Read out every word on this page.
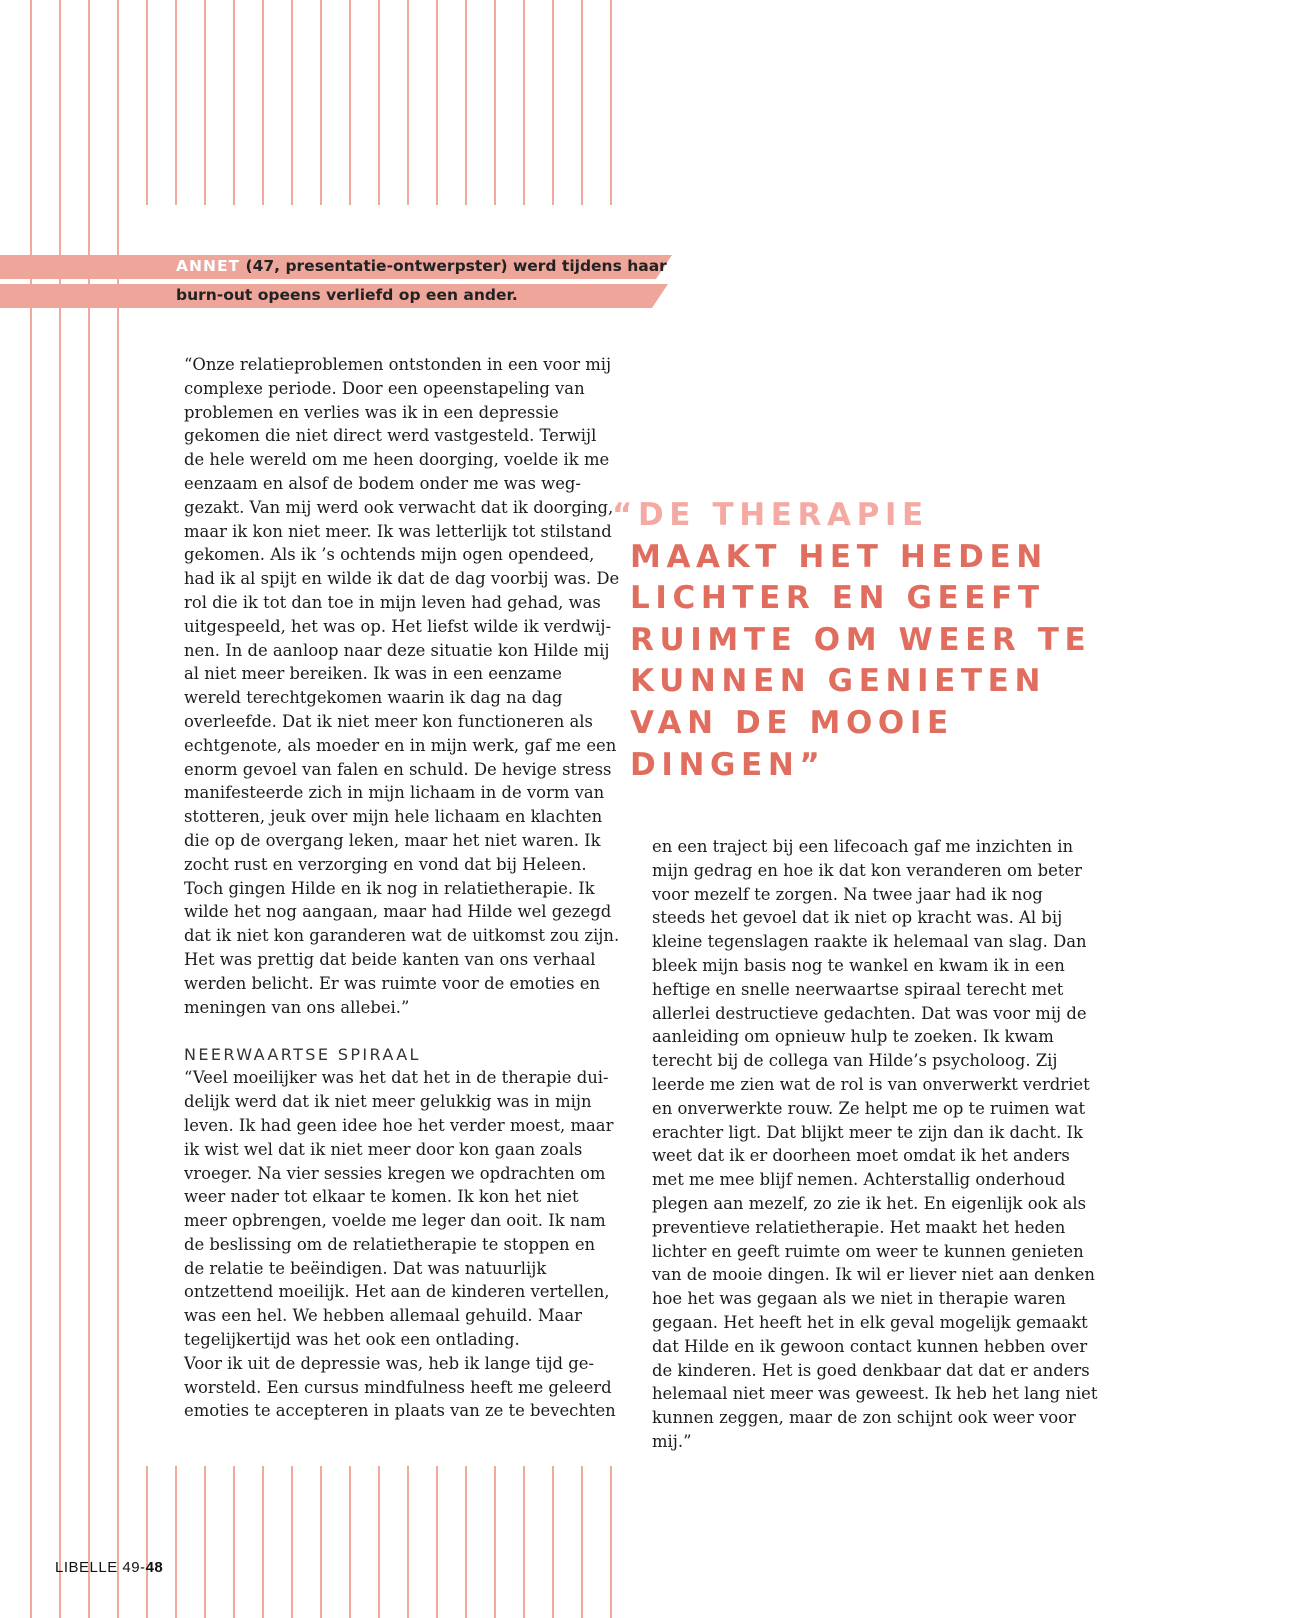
ANNET (47, presentatie-ontwerpster) werd tijdens haar
burn-out opeens verliefd op een ander.

“Onze relatieproblemen ontstonden in een voor mij complexe periode. Door een opeenstapeling van problemen en verlies was ik in een depressie gekomen die niet direct werd vastgesteld. Terwijl de hele wereld om me heen doorging, voelde ik me eenzaam en alsof de bodem onder me was weggezakt. Van mij werd ook verwacht dat ik doorging, maar ik kon niet meer. Ik was letterlijk tot stilstand gekomen. Als ik ’s ochtends mijn ogen opendeed, had ik al spijt en wilde ik dat de dag voorbij was. De rol die ik tot dan toe in mijn leven had gehad, was uitgespeeld, het was op. Het liefst wilde ik verdwijnen. In de aanloop naar deze situatie kon Hilde mij al niet meer bereiken. Ik was in een eenzame wereld terechtgekomen waarin ik dag na dag overleefde. Dat ik niet meer kon functioneren als echtgenote, als moeder en in mijn werk, gaf me een enorm gevoel van falen en schuld. De hevige stress manifesteerde zich in mijn lichaam in de vorm van stotteren, jeuk over mijn hele lichaam en klachten die op de overgang leken, maar het niet waren. Ik zocht rust en verzorging en vond dat bij Heleen. Toch gingen Hilde en ik nog in relatietherapie. Ik wilde het nog aangaan, maar had Hilde wel gezegd dat ik niet kon garanderen wat de uitkomst zou zijn. Het was prettig dat beide kanten van ons verhaal werden belicht. Er was ruimte voor de emoties en meningen van ons allebei.”

NEERWAARTSE SPIRAAL

“Veel moeilijker was het dat het in de therapie duidelijk werd dat ik niet meer gelukkig was in mijn leven. Ik had geen idee hoe het verder moest, maar ik wist wel dat ik niet meer door kon gaan zoals vroeger. Na vier sessies kregen we opdrachten om weer nader tot elkaar te komen. Ik kon het niet meer opbrengen, voelde me leger dan ooit. Ik nam de beslissing om de relatietherapie te stoppen en de relatie te beëindigen. Dat was natuurlijk ontzettend moeilijk. Het aan de kinderen vertellen, was een hel. We hebben allemaal gehuild. Maar tegelijkertijd was het ook een ontlading.

Voor ik uit de depressie was, heb ik lange tijd geworsteld. Een cursus mindfulness heeft me geleerd emoties te accepteren in plaats van ze te bevechten

“DE THERAPIE
MAAKT HET HEDEN LICHTER EN GEEFT RUIMTE OM WEER TE KUNNEN GENIETEN VAN DE MOOIE DINGEN”

en een traject bij een lifecoach gaf me inzichten in mijn gedrag en hoe ik dat kon veranderen om beter voor mezelf te zorgen. Na twee jaar had ik nog steeds het gevoel dat ik niet op kracht was. Al bij kleine tegenslagen raakte ik helemaal van slag. Dan bleek mijn basis nog te wankel en kwam ik in een heftige en snelle neerwaartse spiraal terecht met allerlei destructieve gedachten. Dat was voor mij de aanleiding om opnieuw hulp te zoeken. Ik kwam terecht bij de collega van Hilde’s psycholoog. Zij leerde me zien wat de rol is van onverwerkt verdriet en onverwerkte rouw. Ze helpt me op te ruimen wat erachter ligt. Dat blijkt meer te zijn dan ik dacht. Ik weet dat ik er doorheen moet omdat ik het anders met me mee blijf nemen. Achterstallig onderhoud plegen aan mezelf, zo zie ik het. En eigenlijk ook als preventieve relatietherapie. Het maakt het heden lichter en geeft ruimte om weer te kunnen genieten van de mooie dingen. Ik wil er liever niet aan denken hoe het was gegaan als we niet in therapie waren gegaan. Het heeft het in elk geval mogelijk gemaakt dat Hilde en ik gewoon contact kunnen hebben over de kinderen. Het is goed denkbaar dat dat er anders helemaal niet meer was geweest. Ik heb het lang niet kunnen zeggen, maar de zon schijnt ook weer voor mij.”

LIBELLE 49-48
